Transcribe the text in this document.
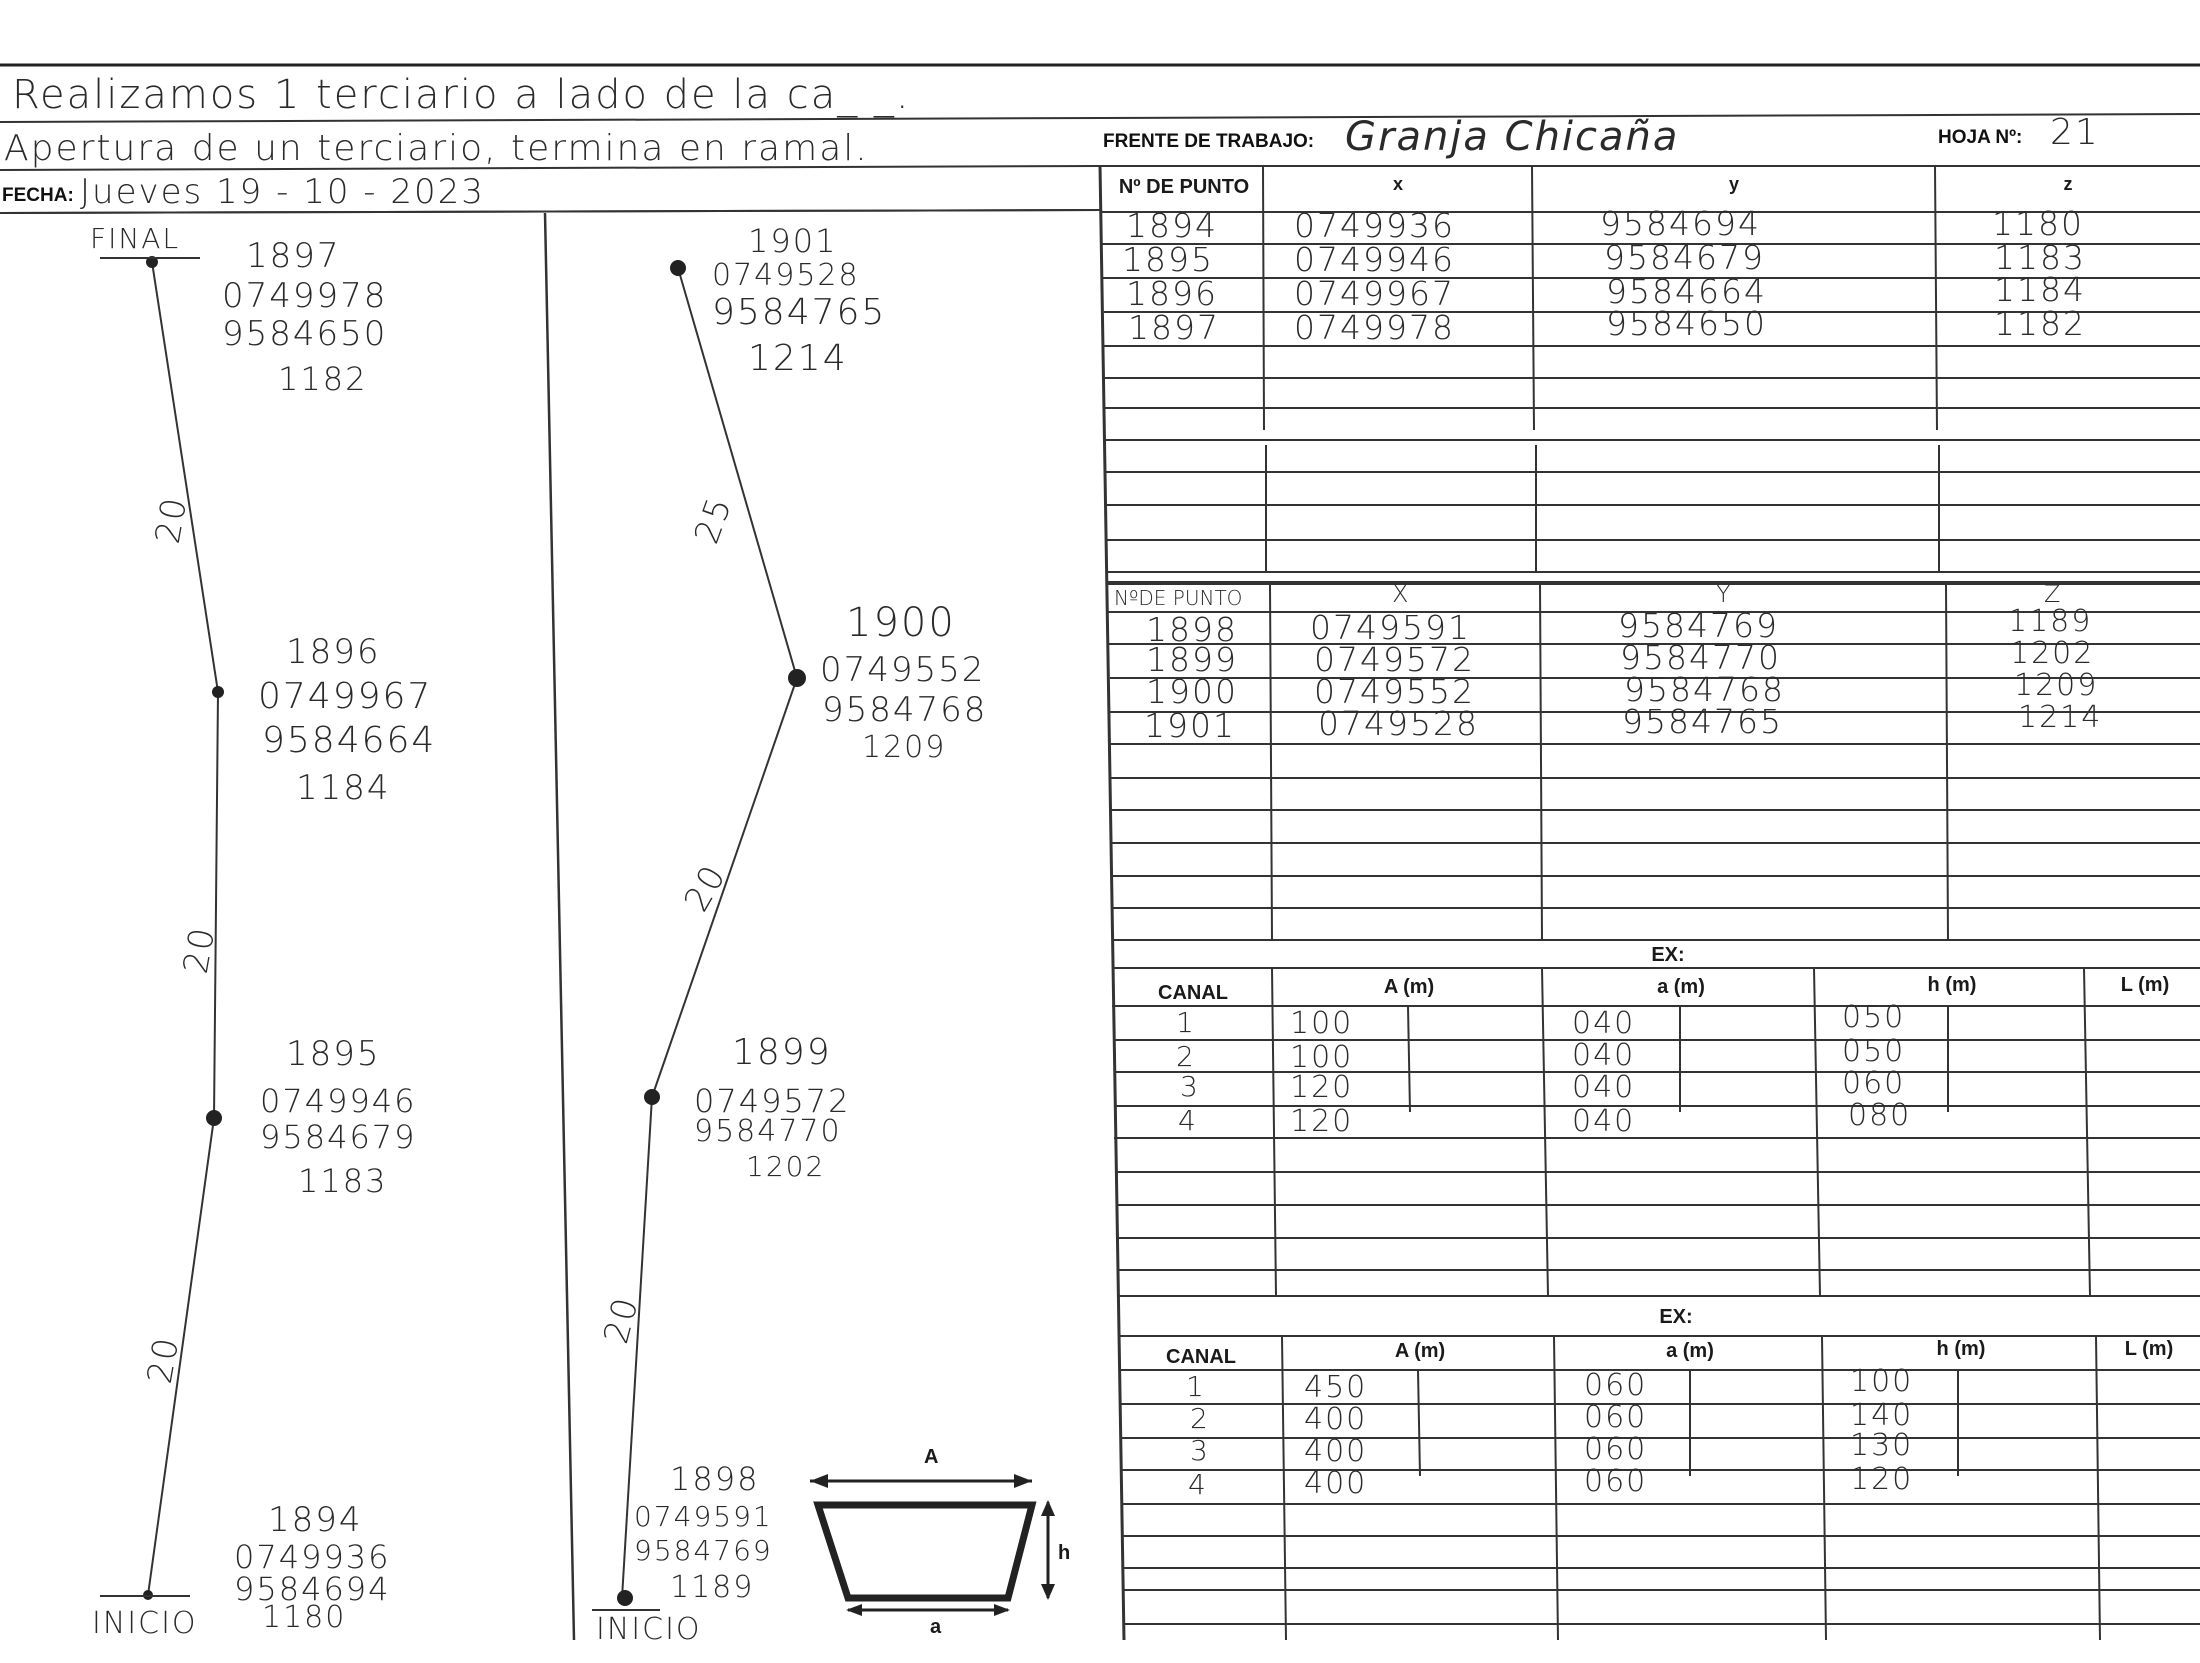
Realizamos 1 terciario a lado de la ca_ _.
Apertura de un terciario, termina en ramal.
FECHA: Jueves 19 - 10 - 2023
FRENTE DE TRABAJO: Granja Chicaña	HOJA Nº: 21
FINAL
INICIO
1897
0749978
9584650
1182
1896
0749967
9584664
1184
1895
0749946
9584679
1183
1894
0749936
9584694
1180
20
20
20
INICIO
1901
0749528
9584765
1214
1900
0749552
9584768
1209
1899
0749572
9584770
1202
1898
0749591
9584769
1189
25
20
20
A
h
a
Nº DE PUNTO	x	y	z
1894 0749936	9584694	1180
1895 0749946	9584679	1183
1896 0749967	9584664	1184
1897 0749978	9584650	1182
NºDE PUNTO	X	Y	Z
1898 0749591	9584769	1189
1899 0749572	9584770	1202
1900 0749552	9584768	1209
1901 0749528	9584765	1214
EX:
CANAL	A (m)	a (m)	h (m)	L (m)
1	100	040	050
2	100	040	050
3	120	040	060
4	120	040	080
EX:
CANAL	A (m)	a (m)	h (m)	L (m)
1	450	060	100
2	400	060	140
3	400	060	130
4	400	060	120
